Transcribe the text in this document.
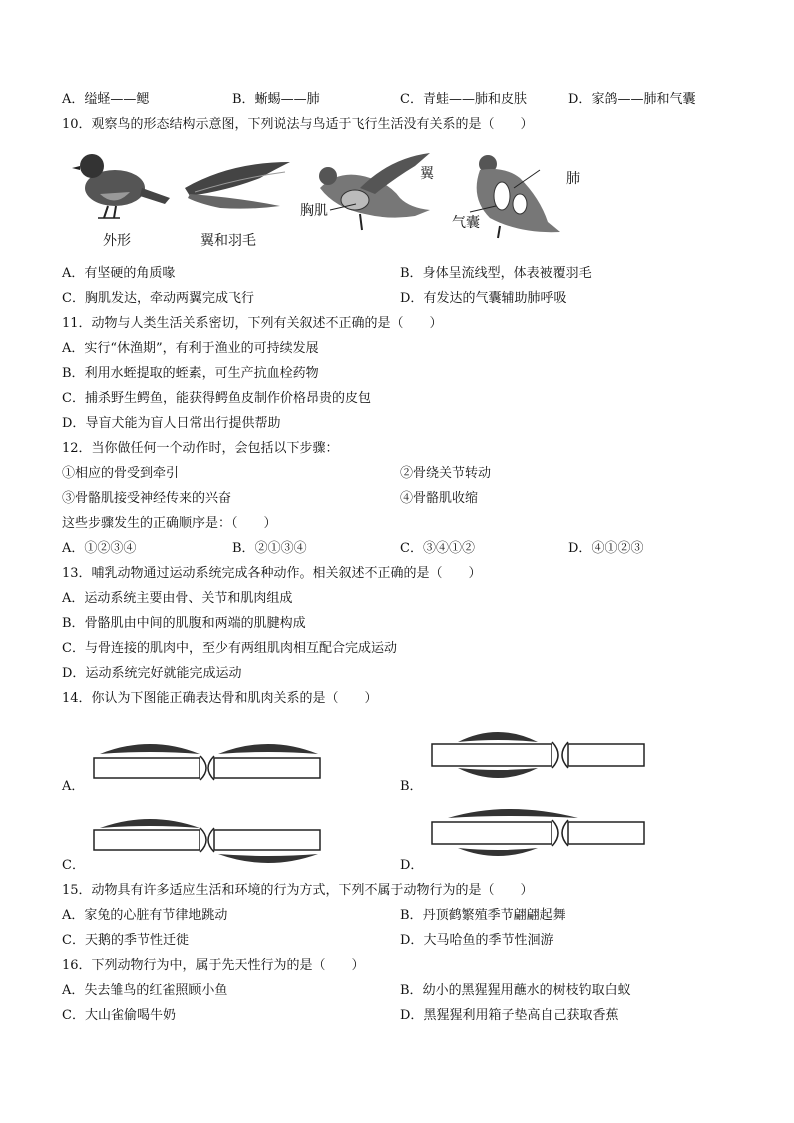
A．缢蛏——鳃	B．蜥蜴——肺	C．青蛙——肺和皮肤	D．家鸽——肺和气囊
10．观察鸟的形态结构示意图，下列说法与鸟适于飞行生活没有关系的是（　　）
外形	翼和羽毛
胸肌
翼	肺
气囊
A．有坚硬的角质喙	B．身体呈流线型，体表被覆羽毛
C．胸肌发达，牵动两翼完成飞行	D．有发达的气囊辅助肺呼吸
11．动物与人类生活关系密切，下列有关叙述不正确的是（　　）
A．实行“休渔期”，有利于渔业的可持续发展
B．利用水蛭提取的蛭素，可生产抗血栓药物
C．捕杀野生鳄鱼，能获得鳄鱼皮制作价格昂贵的皮包
D．导盲犬能为盲人日常出行提供帮助
12．当你做任何一个动作时，会包括以下步骤：
①相应的骨受到牵引	②骨绕关节转动
③骨骼肌接受神经传来的兴奋	④骨骼肌收缩
这些步骤发生的正确顺序是：（　　）
A．①②③④	B．②①③④	C．③④①②	D．④①②③
13．哺乳动物通过运动系统完成各种动作。相关叙述不正确的是（　　）
A．运动系统主要由骨、关节和肌肉组成
B．骨骼肌由中间的肌腹和两端的肌腱构成
C．与骨连接的肌肉中，至少有两组肌肉相互配合完成运动
D．运动系统完好就能完成运动
14．你认为下图能正确表达骨和肌肉关系的是（　　）
A．	B．
C．	D．
15．动物具有许多适应生活和环境的行为方式，下列不属于动物行为的是（　　）
A．家兔的心脏有节律地跳动	B．丹顶鹤繁殖季节翩翩起舞
C．天鹅的季节性迁徙	D．大马哈鱼的季节性洄游
16．下列动物行为中，属于先天性行为的是（　　）
A．失去雏鸟的红雀照顾小鱼	B．幼小的黑猩猩用蘸水的树枝钓取白蚁
C．大山雀偷喝牛奶	D．黑猩猩利用箱子垫高自己获取香蕉
